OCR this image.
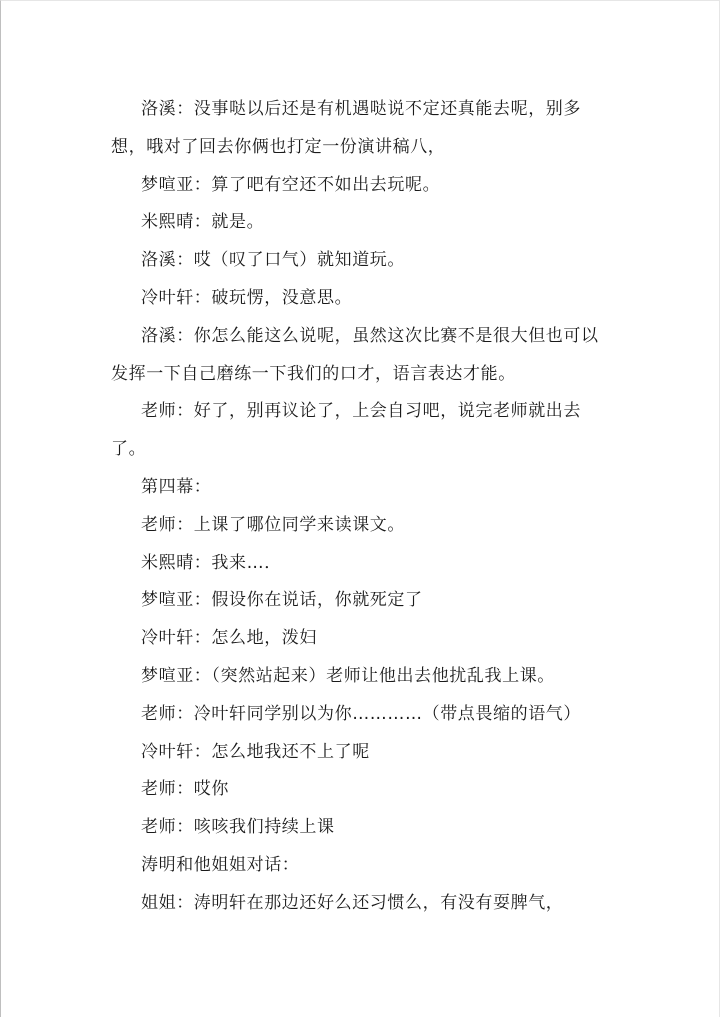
洛溪：没事哒以后还是有机遇哒说不定还真能去呢，别多想，哦对了回去你俩也打定一份演讲稿八，

梦喧亚：算了吧有空还不如出去玩呢。

米熙晴：就是。

洛溪：哎（叹了口气）就知道玩。

冷叶轩：破玩愣，没意思。

洛溪：你怎么能这么说呢，虽然这次比赛不是很大但也可以发挥一下自己磨练一下我们的口才，语言表达才能。

老师：好了，别再议论了，上会自习吧，说完老师就出去了。

第四幕：

老师：上课了哪位同学来读课文。

米熙晴：我来…．

梦喧亚：假设你在说话，你就死定了

冷叶轩：怎么地，泼妇

梦喧亚：（突然站起来）老师让他出去他扰乱我上课。

老师：冷叶轩同学别以为你…………（带点畏缩的语气）

冷叶轩：怎么地我还不上了呢

老师：哎你

老师：咳咳我们持续上课

涛明和他姐姐对话：

姐姐：涛明轩在那边还好么还习惯么，有没有耍脾气，
